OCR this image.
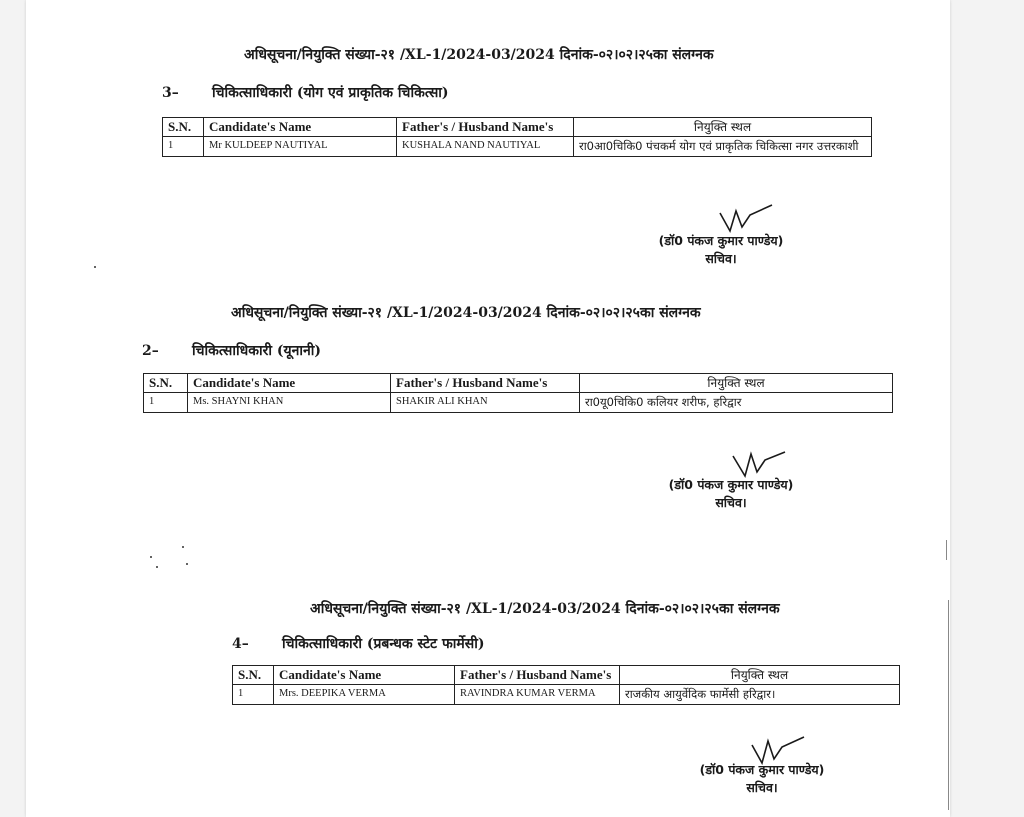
अधिसूचना/नियुक्ति संख्या-२१ /XL-1/2024-03/2024 दिनांक-०२।०२।२५का संलग्नक
3– चिकित्साधिकारी (योग एवं प्राकृतिक चिकित्सा)
S.N.	Candidate's Name	Father's / Husband Name's	नियुक्ति स्थल
1	Mr KULDEEP NAUTIYAL	KUSHALA NAND NAUTIYAL	रा0आ0चिकि0 पंचकर्म योग एवं प्राकृतिक चिकित्सा नगर उत्तरकाशी
(डॉ0 पंकज कुमार पाण्डेय)
सचिव।
अधिसूचना/नियुक्ति संख्या-२१ /XL-1/2024-03/2024 दिनांक-०२।०२।२५का संलग्नक
2– चिकित्साधिकारी (यूनानी)
S.N.	Candidate's Name	Father's / Husband Name's	नियुक्ति स्थल
1	Ms. SHAYNI KHAN	SHAKIR ALI KHAN	रा0यू0चिकि0 कलियर शरीफ, हरिद्वार
(डॉ0 पंकज कुमार पाण्डेय)
सचिव।
अधिसूचना/नियुक्ति संख्या-२१ /XL-1/2024-03/2024 दिनांक-०२।०२।२५का संलग्नक
4– चिकित्साधिकारी (प्रबन्धक स्टेट फार्मेसी)
S.N.	Candidate's Name	Father's / Husband Name's	नियुक्ति स्थल
1	Mrs. DEEPIKA VERMA	RAVINDRA KUMAR VERMA	राजकीय आयुर्वेदिक फार्मेसी हरिद्वार।
(डॉ0 पंकज कुमार पाण्डेय)
सचिव।
